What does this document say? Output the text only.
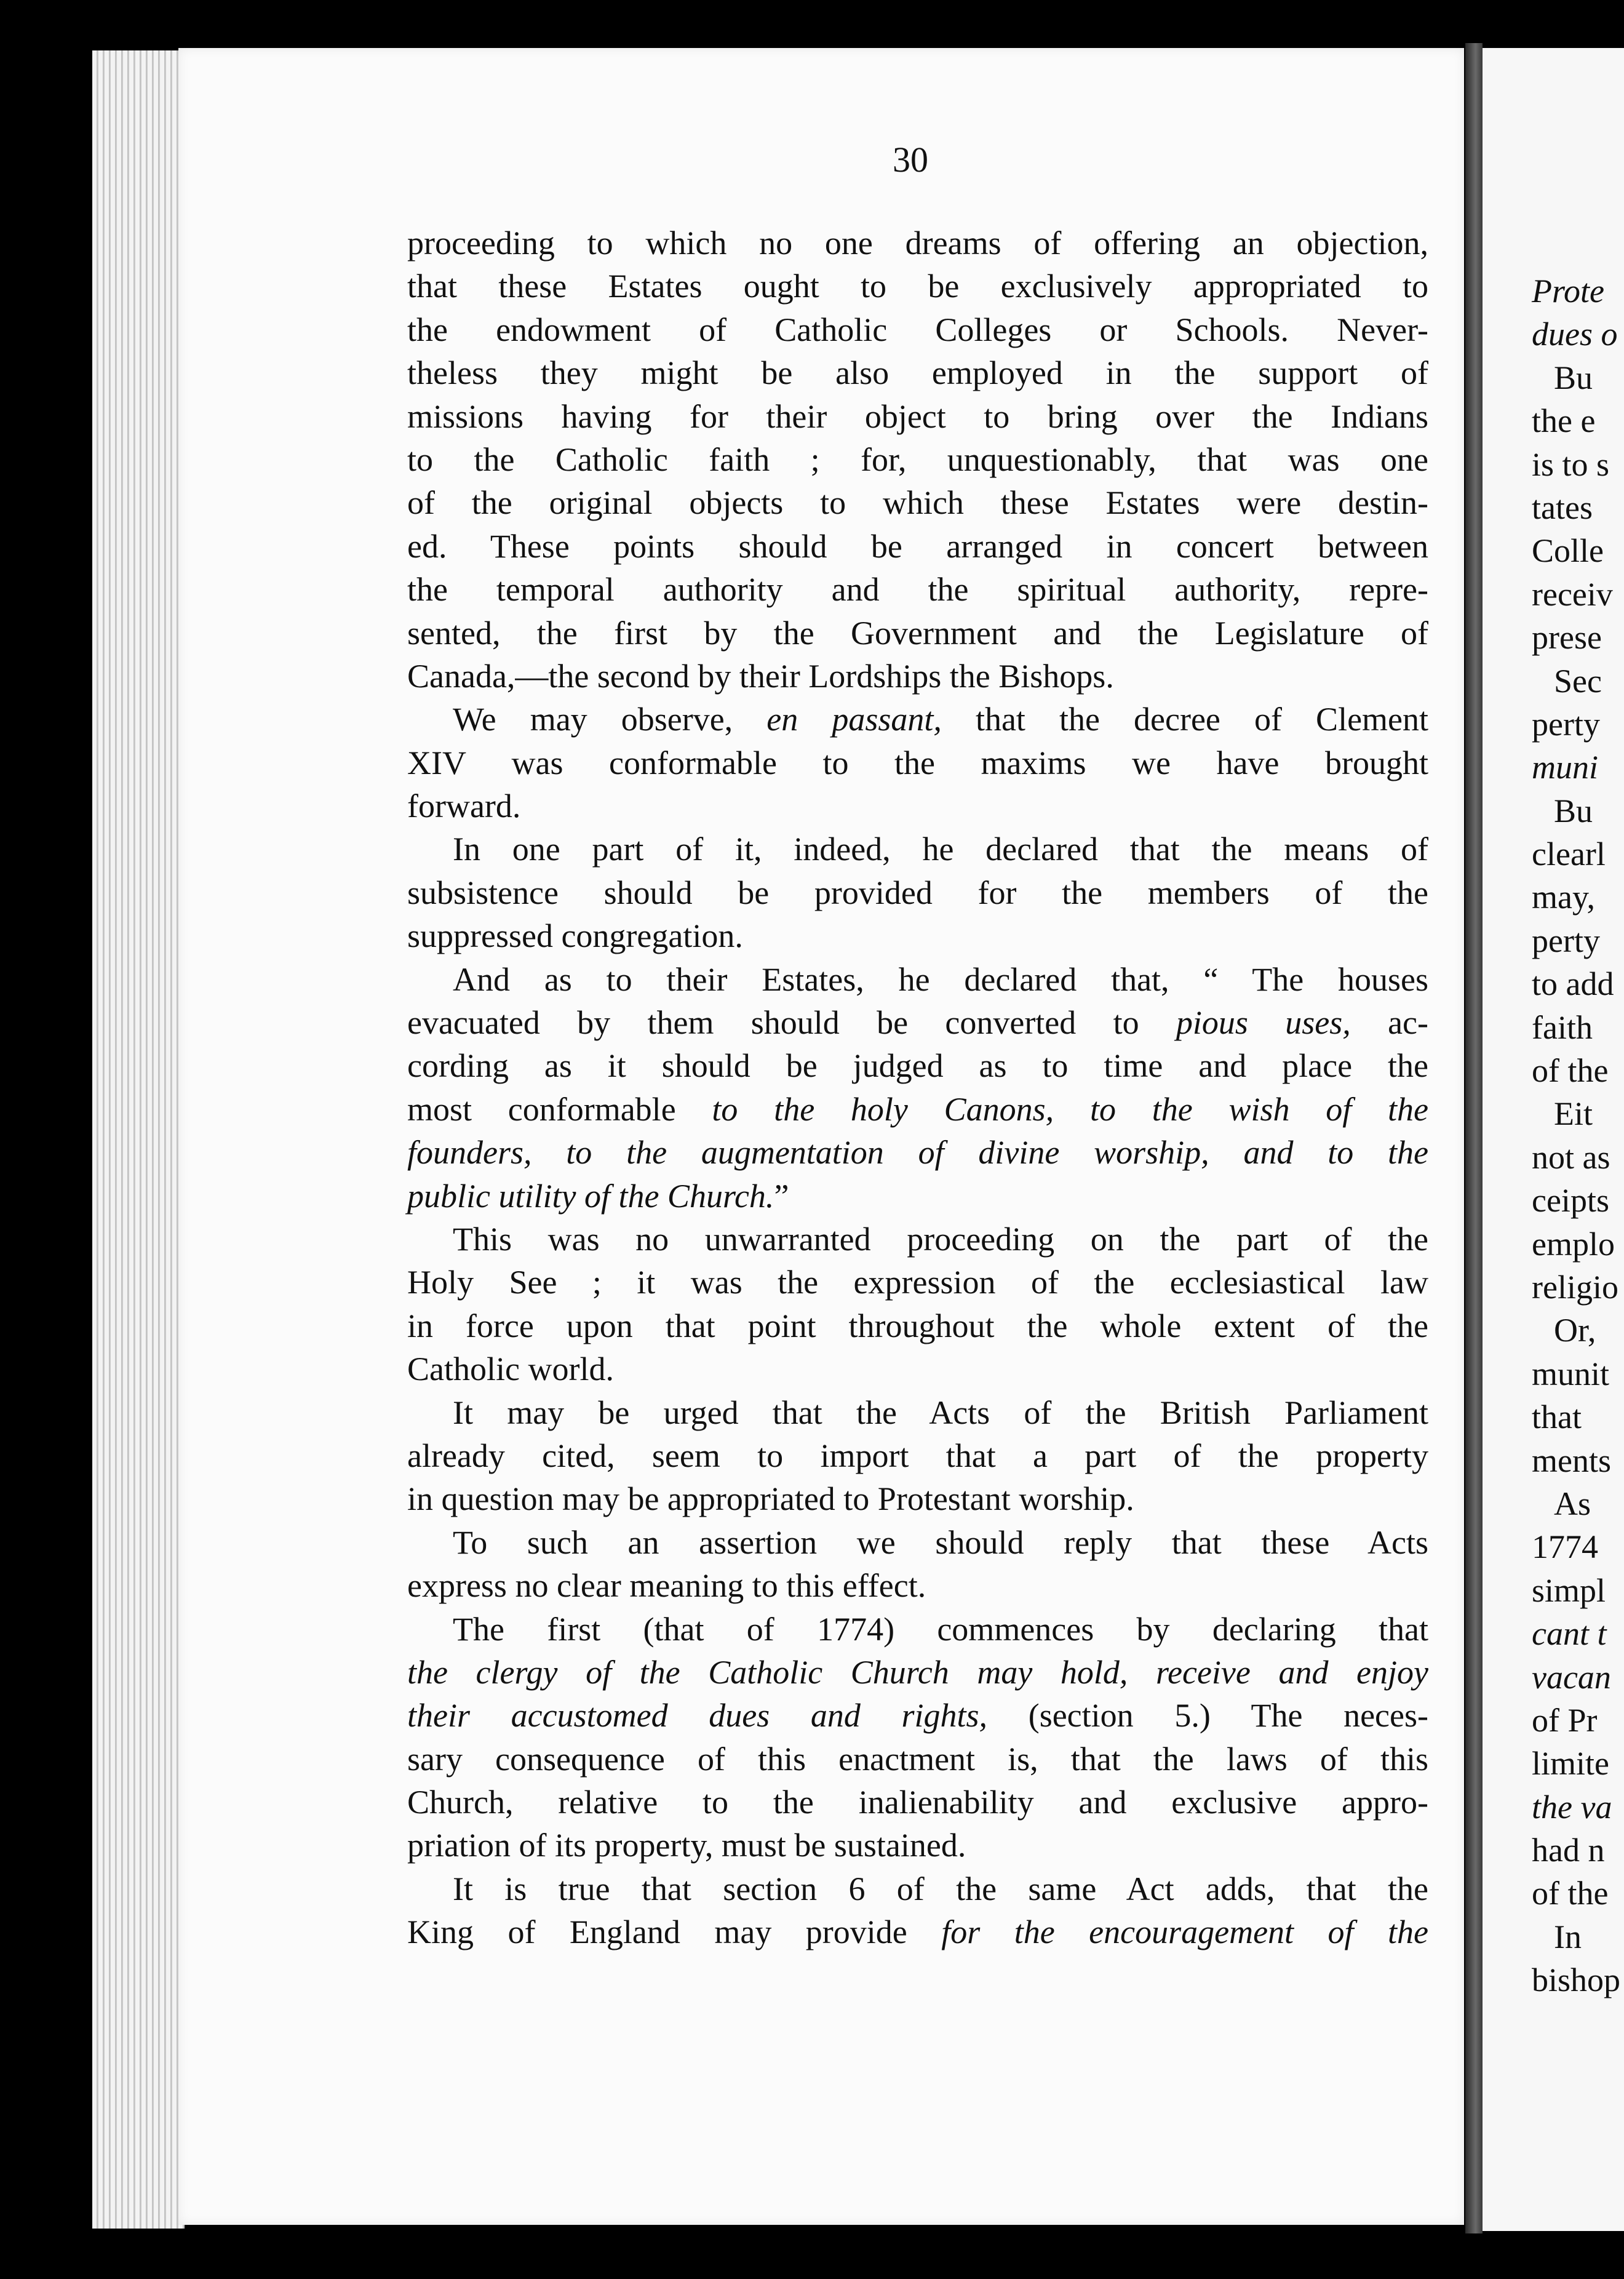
Prote
dues o
Bu
the e
is to s
tates
Colle
receiv
prese
Sec
perty
muni
Bu
clearl
may,
perty
to add
faith
of the
Eit
not as
ceipts
emplo
religio
Or,
munit
that
ments
As
1774
simpl
cant t
vacan
of Pr
limite
the va
had n
of the
In
bishop
30
proceeding to which no one dreams of offering an objection,
that these Estates ought to be exclusively appropriated to
the endowment of Catholic Colleges or Schools. Never-
theless they might be also employed in the support of
missions having for their object to bring over the Indians
to the Catholic faith ; for, unquestionably, that was one
of the original objects to which these Estates were destin-
ed. These points should be arranged in concert between
the temporal authority and the spiritual authority, repre-
sented, the first by the Government and the Legislature of
Canada,—the second by their Lordships the Bishops.
We may observe, en passant, that the decree of Clement
XIV was conformable to the maxims we have brought
forward.
In one part of it, indeed, he declared that the means of
subsistence should be provided for the members of the
suppressed congregation.
And as to their Estates, he declared that, “ The houses
evacuated by them should be converted to pious uses, ac-
cording as it should be judged as to time and place the
most conformable to the holy Canons, to the wish of the
founders, to the augmentation of divine worship, and to the
public utility of the Church.”
This was no unwarranted proceeding on the part of the
Holy See ; it was the expression of the ecclesiastical law
in force upon that point throughout the whole extent of the
Catholic world.
It may be urged that the Acts of the British Parliament
already cited, seem to import that a part of the property
in question may be appropriated to Protestant worship.
To such an assertion we should reply that these Acts
express no clear meaning to this effect.
The first (that of 1774) commences by declaring that
the clergy of the Catholic Church may hold, receive and enjoy
their accustomed dues and rights, (section 5.) The neces-
sary consequence of this enactment is, that the laws of this
Church, relative to the inalienability and exclusive appro-
priation of its property, must be sustained.
It is true that section 6 of the same Act adds, that the
King of England may provide for the encouragement of the
